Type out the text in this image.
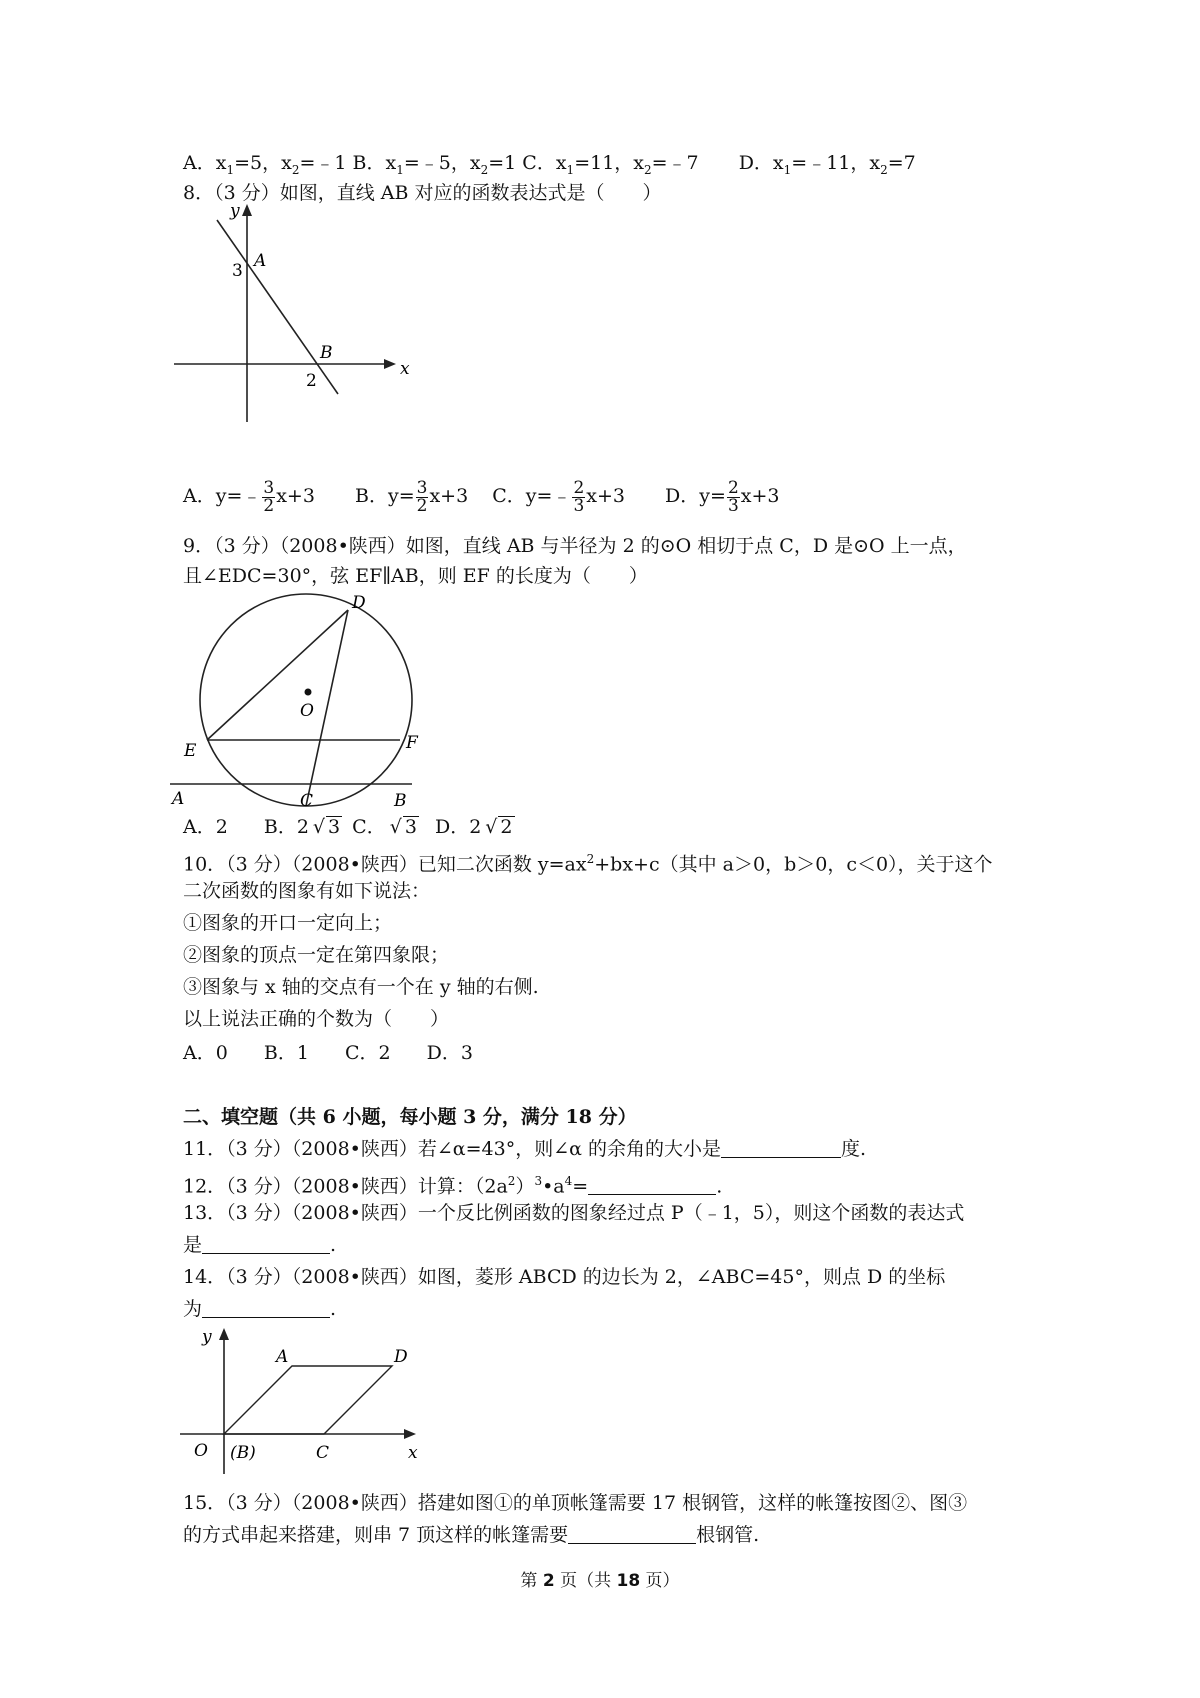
A．$x_1=5$，$x_2=﹣1$ B．$x_1=﹣5$，$x_2=1$ C．$x_1=11$，$x_2=﹣7$ D．$x_1=﹣11$，$x_2=7$
8．（3 分）如图，直线 AB 对应的函数表达式是（　　）
y
x
A
B
3
2
A．y=﹣ $\frac{3}{2} x+3$ B．$y= \frac{3}{2} x+3$ C．y=﹣ $\frac{2}{3} x+3$ D．$y= \frac{2}{3} x+3$
9．（3 分）（2008•陕西）如图，直线 AB 与半径为 2 的⊙O 相切于点 C，D 是⊙O 上一点，
且∠EDC=30°，弦 EF∥AB，则 EF 的长度为（　　）
D
O
E	F
A	C	B
A．2 B．2 √ 3 C． √ 3 D．2 √ 2
10．（3 分）（2008•陕西）已知二次函数 $y=ax^2+bx+c$（其中 a＞0，b＞0，c＜0），关于这个
二次函数的图象有如下说法：
①图象的开口一定向上；
②图象的顶点一定在第四象限；
③图象与 x 轴的交点有一个在 y 轴的右侧.
以上说法正确的个数为（　　）
A．0 B．1 C．2 D．3
二、填空题（共 6 小题，每小题 3 分，满分 18 分）
11．（3 分）（2008•陕西）若∠α=43°，则∠α 的余角的大小是	度.
12．（3 分）（2008•陕西）计算：$(2a^2)^3•a^4=$	.
13．（3 分）（2008•陕西）一个反比例函数的图象经过点 P（﹣1，5），则这个函数的表达式
是	.
14．（3 分）（2008•陕西）如图，菱形 ABCD 的边长为 2，∠ABC=45°，则点 D 的坐标
为	.
y
x
A	D
O (B)	C
15．（3 分）（2008•陕西）搭建如图①的单顶帐篷需要 17 根钢管，这样的帐篷按图②、图③
的方式串起来搭建，则串 7 顶这样的帐篷需要	根钢管.
第 2 页（共 18 页）
